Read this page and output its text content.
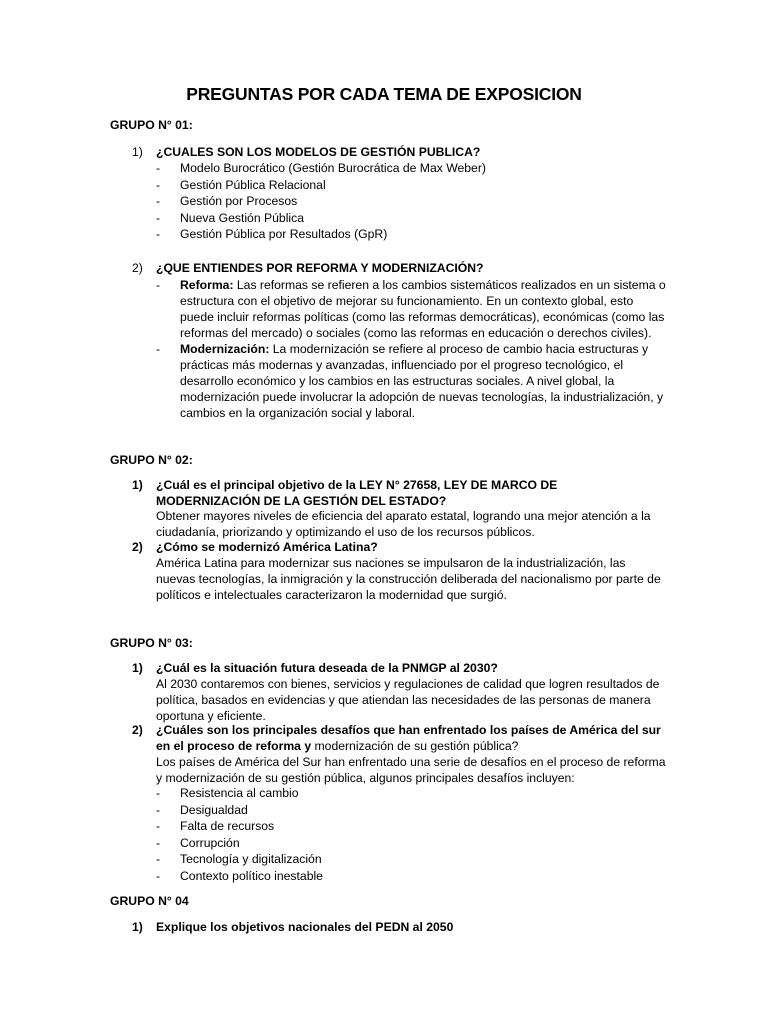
PREGUNTAS POR CADA TEMA DE EXPOSICION
GRUPO N° 01:
1) ¿CUALES SON LOS MODELOS DE GESTIÓN PUBLICA?
- Modelo Burocrático (Gestión Burocrática de Max Weber)
- Gestión Pública Relacional
- Gestión por Procesos
- Nueva Gestión Pública
- Gestión Pública por Resultados (GpR)
2) ¿QUE ENTIENDES POR REFORMA Y MODERNIZACIÓN?
- Reforma: Las reformas se refieren a los cambios sistemáticos realizados en un sistema o estructura con el objetivo de mejorar su funcionamiento. En un contexto global, esto puede incluir reformas políticas (como las reformas democráticas), económicas (como las reformas del mercado) o sociales (como las reformas en educación o derechos civiles).
- Modernización: La modernización se refiere al proceso de cambio hacia estructuras y prácticas más modernas y avanzadas, influenciado por el progreso tecnológico, el desarrollo económico y los cambios en las estructuras sociales. A nivel global, la modernización puede involucrar la adopción de nuevas tecnologías, la industrialización, y cambios en la organización social y laboral.
GRUPO N° 02:
1) ¿Cuál es el principal objetivo de la LEY N° 27658, LEY DE MARCO DE MODERNIZACIÓN DE LA GESTIÓN DEL ESTADO?
Obtener mayores niveles de eficiencia del aparato estatal, logrando una mejor atención a la ciudadanía, priorizando y optimizando el uso de los recursos públicos.
2) ¿Cómo se modernizó América Latina?
América Latina para modernizar sus naciones se impulsaron de la industrialización, las nuevas tecnologías, la inmigración y la construcción deliberada del nacionalismo por parte de políticos e intelectuales caracterizaron la modernidad que surgió.
GRUPO N° 03:
1) ¿Cuál es la situación futura deseada de la PNMGP al 2030?
Al 2030 contaremos con bienes, servicios y regulaciones de calidad que logren resultados de política, basados en evidencias y que atiendan las necesidades de las personas de manera oportuna y eficiente.
2) ¿Cuáles son los principales desafíos que han enfrentado los países de América del sur en el proceso de reforma y modernización de su gestión pública?
Los países de América del Sur han enfrentado una serie de desafíos en el proceso de reforma y modernización de su gestión pública, algunos principales desafíos incluyen:
- Resistencia al cambio
- Desigualdad
- Falta de recursos
- Corrupción
- Tecnología y digitalización
- Contexto político inestable
GRUPO N° 04
1) Explique los objetivos nacionales del PEDN al 2050
